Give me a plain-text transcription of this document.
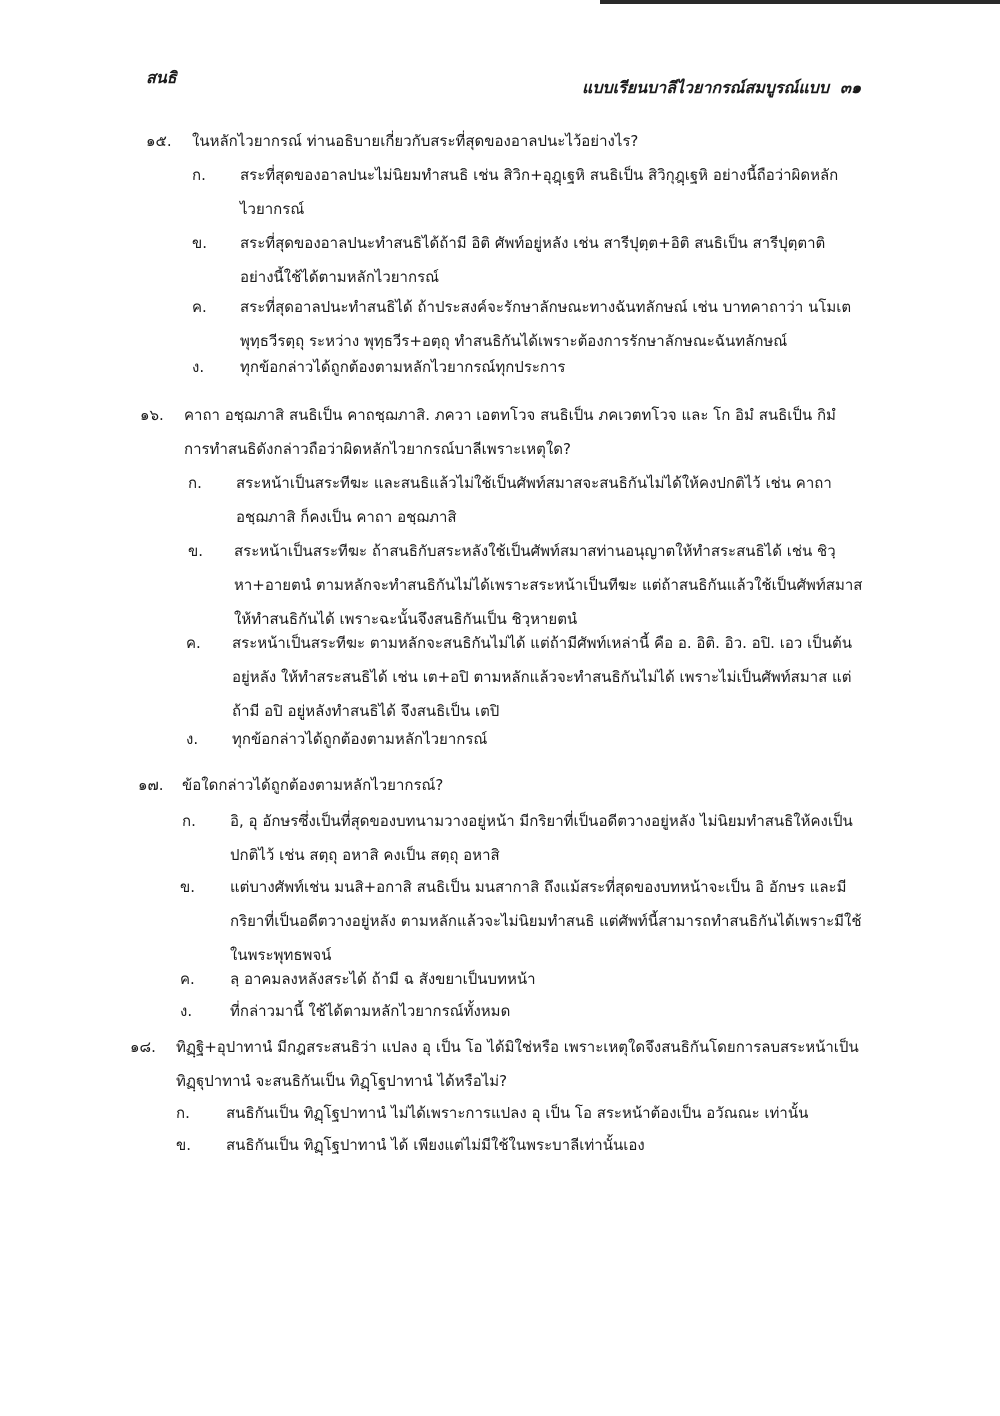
สนธิ
แบบเรียนบาลีไวยากรณ์สมบูรณ์แบบ ๓๑
๑๕. ในหลักไวยากรณ์ ท่านอธิบายเกี่ยวกับสระที่สุดของอาลปนะไว้อย่างไร?
ก. สระที่สุดของอาลปนะไม่นิยมทำสนธิ เช่น สิวิก+อุฎฺเฐหิ สนธิเป็น สิวิกุฎฺเฐหิ อย่างนี้ถือว่าผิดหลักไวยากรณ์
ข. สระที่สุดของอาลปนะทำสนธิได้ถ้ามี อิติ ศัพท์อยู่หลัง เช่น สารีปุตฺต+อิติ สนธิเป็น สารีปุตฺตาติ อย่างนี้ใช้ได้ตามหลักไวยากรณ์
ค. สระที่สุดอาลปนะทำสนธิได้ ถ้าประสงค์จะรักษาลักษณะทางฉันทลักษณ์ เช่น บาทคาถาว่า นโมเต พุทฺธวีรตฺถุ ระหว่าง พุทฺธวีร+อตฺถุ ทำสนธิกันได้เพราะต้องการรักษาลักษณะฉันทลักษณ์
ง. ทุกข้อกล่าวได้ถูกต้องตามหลักไวยากรณ์ทุกประการ
๑๖. คาถา อชฺฌภาสิ สนธิเป็น คาถชฺฌภาสิ. ภควา เอตทโวจ สนธิเป็น ภคเวตทโวจ และ โก อิมํ สนธิเป็น กิมํ การทำสนธิดังกล่าวถือว่าผิดหลักไวยากรณ์บาลีเพราะเหตุใด?
ก. สระหน้าเป็นสระทีฆะ และสนธิแล้วไม่ใช้เป็นศัพท์สมาสจะสนธิกันไม่ได้ให้คงปกติไว้ เช่น คาถา อชฺฌภาสิ ก็คงเป็น คาถา อชฺฌภาสิ
ข. สระหน้าเป็นสระทีฆะ ถ้าสนธิกับสระหลังใช้เป็นศัพท์สมาสท่านอนุญาตให้ทำสระสนธิได้ เช่น ชิวฺหา+อายตนํ ตามหลักจะทำสนธิกันไม่ได้เพราะสระหน้าเป็นทีฆะ แต่ถ้าสนธิกันแล้วใช้เป็นศัพท์สมาสให้ทำสนธิกันได้ เพราะฉะนั้นจึงสนธิกันเป็น ชิวฺหายตนํ
ค. สระหน้าเป็นสระทีฆะ ตามหลักจะสนธิกันไม่ได้ แต่ถ้ามีศัพท์เหล่านี้ คือ อ. อิติ. อิว. อปิ. เอว เป็นต้นอยู่หลัง ให้ทำสระสนธิได้ เช่น เต+อปิ ตามหลักแล้วจะทำสนธิกันไม่ได้ เพราะไม่เป็นศัพท์สมาส แต่ถ้ามี อปิ อยู่หลังทำสนธิได้ จึงสนธิเป็น เตปิ
ง. ทุกข้อกล่าวได้ถูกต้องตามหลักไวยากรณ์
๑๗. ข้อใดกล่าวได้ถูกต้องตามหลักไวยากรณ์?
ก. อิ, อุ อักษรซึ่งเป็นที่สุดของบทนามวางอยู่หน้า มีกริยาที่เป็นอดีตวางอยู่หลัง ไม่นิยมทำสนธิให้คงเป็นปกติไว้ เช่น สตฺถุ อหาสิ คงเป็น สตฺถุ อหาสิ
ข. แต่บางศัพท์เช่น มนสิ+อกาสิ สนธิเป็น มนสากาสิ ถึงแม้สระที่สุดของบทหน้าจะเป็น อิ อักษร และมีกริยาที่เป็นอดีตวางอยู่หลัง ตามหลักแล้วจะไม่นิยมทำสนธิ แต่ศัพท์นี้สามารถทำสนธิกันได้เพราะมีใช้ในพระพุทธพจน์
ค. ลฺ อาคมลงหลังสระได้ ถ้ามี ฉ สังขยาเป็นบทหน้า
ง.	ที่กล่าวมานี้ ใช้ได้ตามหลักไวยากรณ์ทั้งหมด
๑๘. ทิฏฺฐิ+อุปาทานํ มีกฎสระสนธิว่า แปลง อุ เป็น โอ ได้มิใช่หรือ เพราะเหตุใดจึงสนธิกันโดยการลบสระหน้าเป็น ทิฏฺฐุปาทานํ จะสนธิกันเป็น ทิฏฺโฐปาทานํ ได้หรือไม่?
ก. สนธิกันเป็น ทิฏฺโฐปาทานํ ไม่ได้เพราะการแปลง อุ เป็น โอ สระหน้าต้องเป็น อวัณณะ เท่านั้น
ข. สนธิกันเป็น ทิฏฺโฐปาทานํ ได้ เพียงแต่ไม่มีใช้ในพระบาลีเท่านั้นเอง
